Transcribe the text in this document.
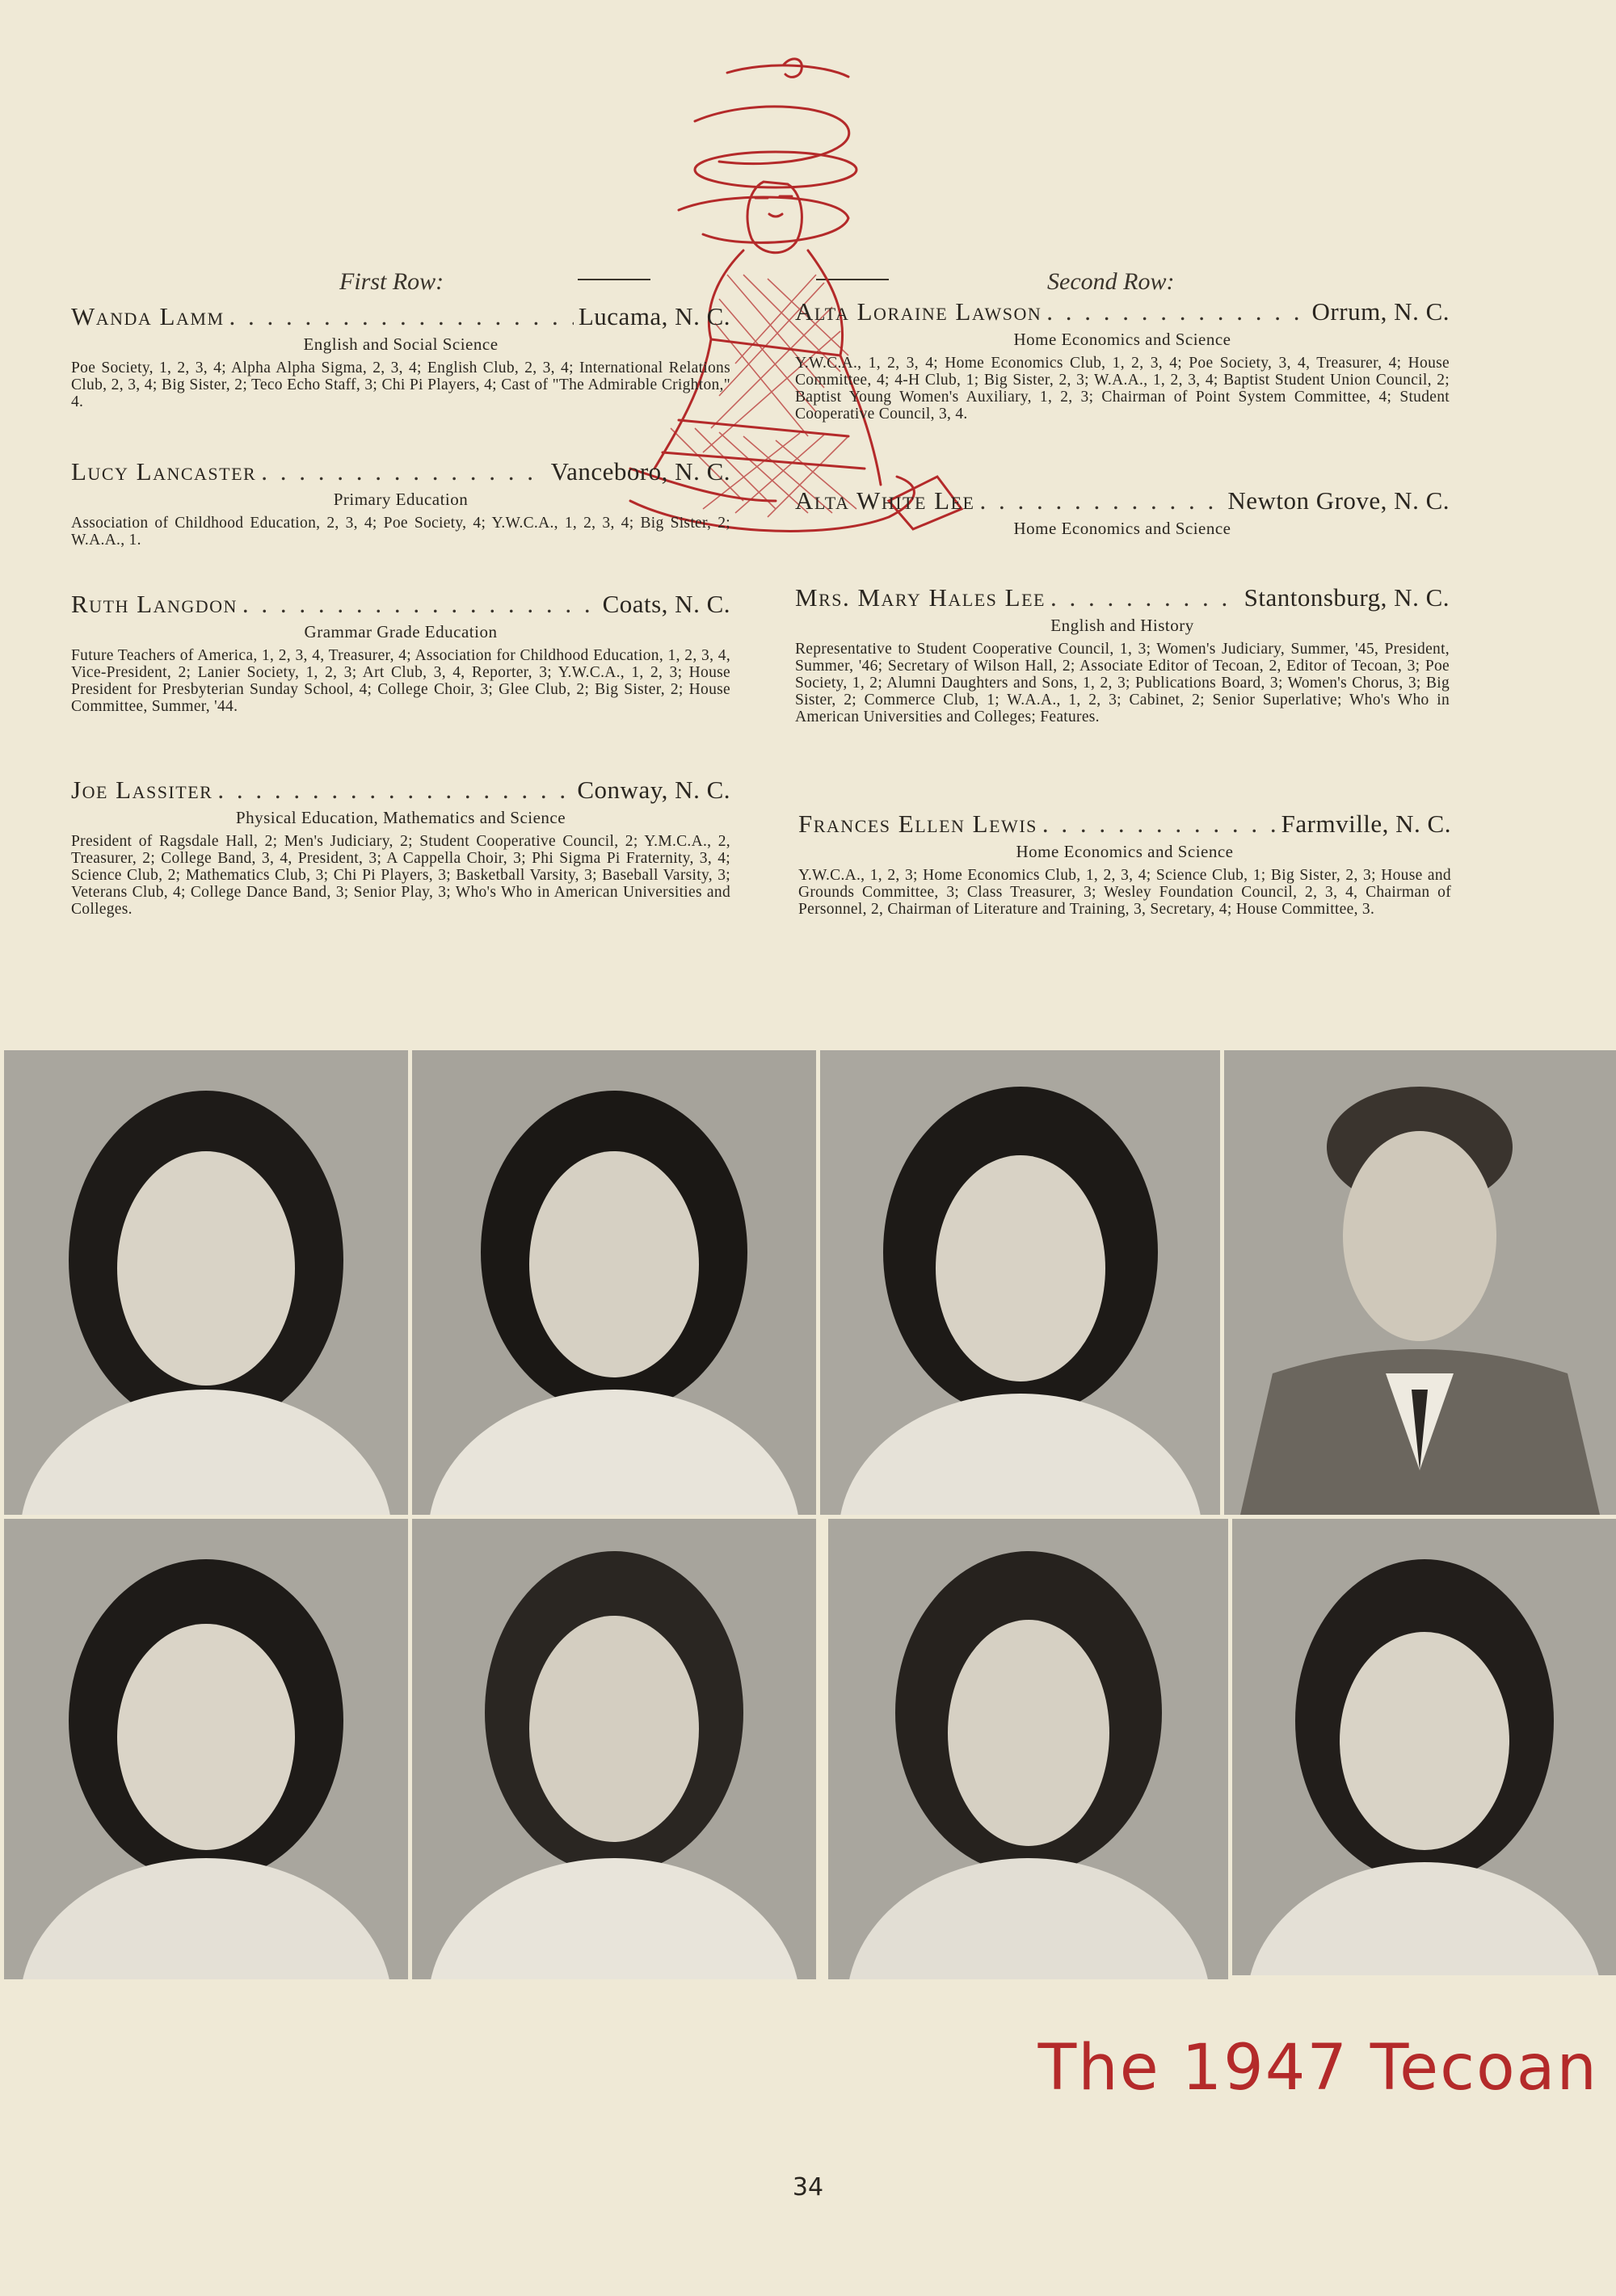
First Row:	Second Row:
Wanda Lamm . . .	Lucama, N. C.
English and Social Science
Poe Society, 1, 2, 3, 4; Alpha Alpha Sigma, 2, 3, 4; English Club, 2, 3, 4; International Relations Club, 2, 3, 4; Big Sister, 2; Teco Echo Staff, 3; Chi Pi Players, 4; Cast of "The Admirable Crighton," 4.
Lucy Lancaster . . .	Vanceboro, N. C.
Primary Education
Association of Childhood Education, 2, 3, 4; Poe Society, 4; Y.W.C.A., 1, 2, 3, 4; Big Sister, 2; W.A.A., 1.
Ruth Langdon . . .	Coats, N. C.
Grammar Grade Education
Future Teachers of America, 1, 2, 3, 4, Treasurer, 4; Association for Childhood Education, 1, 2, 3, 4, Vice-President, 2; Lanier Society, 1, 2, 3; Art Club, 3, 4, Reporter, 3; Y.W.C.A., 1, 2, 3; House President for Presbyterian Sunday School, 4; College Choir, 3; Glee Club, 2; Big Sister, 2; House Committee, Summer, '44.
Joe Lassiter . . .	Conway, N. C.
Physical Education, Mathematics and Science
President of Ragsdale Hall, 2; Men's Judiciary, 2; Student Cooperative Council, 2; Y.M.C.A., 2, Treasurer, 2; College Band, 3, 4, President, 3; A Cappella Choir, 3; Phi Sigma Pi Fraternity, 3, 4; Science Club, 2; Mathematics Club, 3; Chi Pi Players, 3; Basketball Varsity, 3; Baseball Varsity, 3; Veterans Club, 4; College Dance Band, 3; Senior Play, 3; Who's Who in American Universities and Colleges.
Alta Loraine Lawson . . .	Orrum, N. C.
Home Economics and Science
Y.W.C.A., 1, 2, 3, 4; Home Economics Club, 1, 2, 3, 4; Poe Society, 3, 4, Treasurer, 4; House Committee, 4; 4-H Club, 1; Big Sister, 2, 3; W.A.A., 1, 2, 3, 4; Baptist Student Union Council, 2; Baptist Young Women's Auxiliary, 1, 2, 3; Chairman of Point System Committee, 4; Student Cooperative Council, 3, 4.
Alta White Lee . . .	Newton Grove, N. C.
Home Economics and Science
Mrs. Mary Hales Lee . . .	Stantonsburg, N. C.
English and History
Representative to Student Cooperative Council, 1, 3; Women's Judiciary, Summer, '45, President, Summer, '46; Secretary of Wilson Hall, 2; Associate Editor of Tecoan, 2, Editor of Tecoan, 3; Poe Society, 1, 2; Alumni Daughters and Sons, 1, 2, 3; Publications Board, 3; Women's Chorus, 3; Big Sister, 2; Commerce Club, 1; W.A.A., 1, 2, 3; Cabinet, 2; Senior Superlative; Who's Who in American Universities and Colleges; Features.
Frances Ellen Lewis . . .	Farmville, N. C.
Home Economics and Science
Y.W.C.A., 1, 2, 3; Home Economics Club, 1, 2, 3, 4; Science Club, 1; Big Sister, 2, 3; House and Grounds Committee, 3; Class Treasurer, 3; Wesley Foundation Council, 2, 3, 4, Chairman of Personnel, 2, Chairman of Literature and Training, 3, Secretary, 4; House Committee, 3.
The 1947 Tecoan
34
